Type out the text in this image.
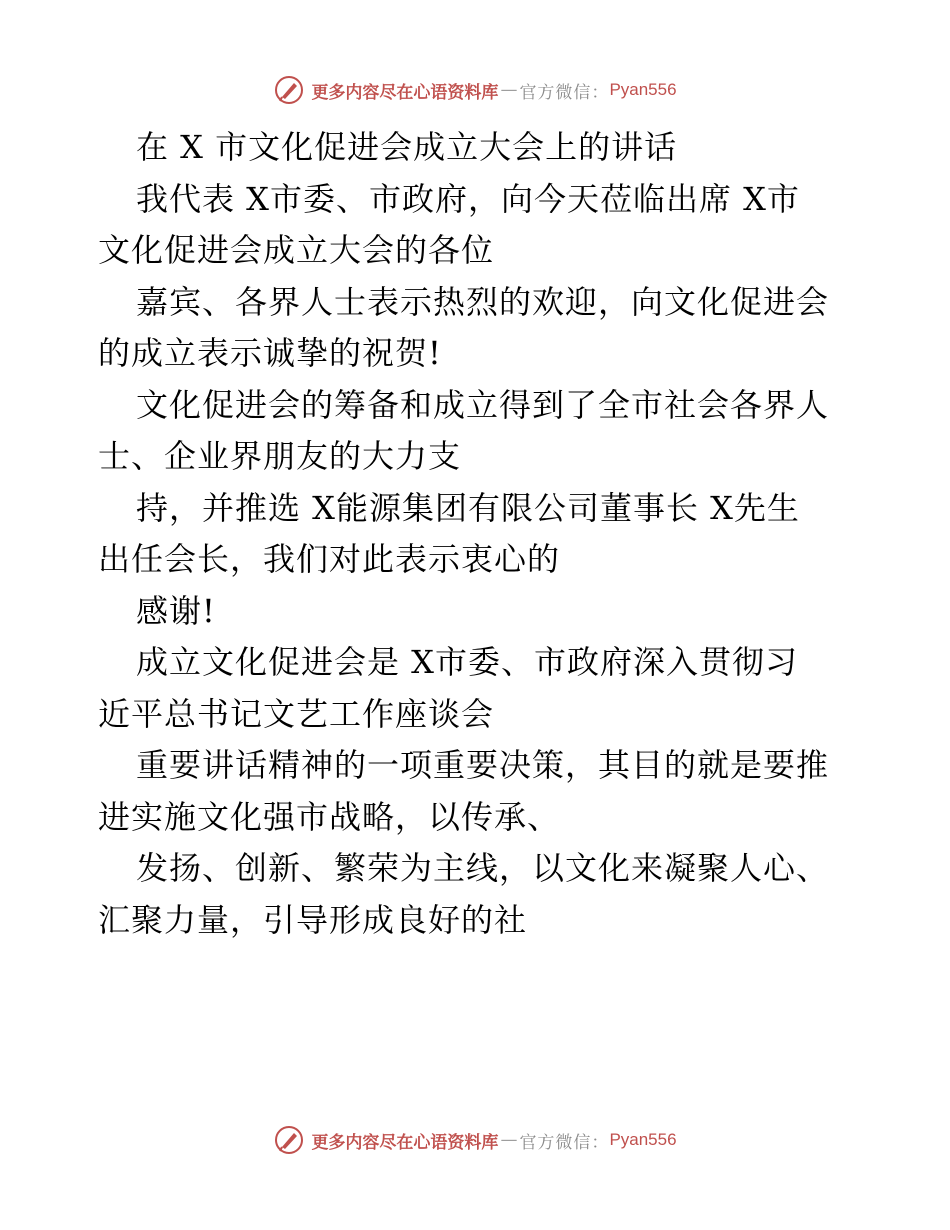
更多内容尽在心语资料库 — 官方微信： Pyan556
在 X 市文化促进会成立大会上的讲话
我代表 X市委、市政府，向今天莅临出席 X市
文化促进会成立大会的各位
嘉宾、各界人士表示热烈的欢迎，向文化促进会
的成立表示诚挚的祝贺!
文化促进会的筹备和成立得到了全市社会各界人
士、企业界朋友的大力支
持，并推选 X能源集团有限公司董事长 X先生
出任会长，我们对此表示衷心的
感谢!
成立文化促进会是 X市委、市政府深入贯彻习
近平总书记文艺工作座谈会
重要讲话精神的一项重要决策，其目的就是要推
进实施文化强市战略，以传承、
发扬、创新、繁荣为主线，以文化来凝聚人心、
汇聚力量，引导形成良好的社
更多内容尽在心语资料库 — 官方微信： Pyan556
